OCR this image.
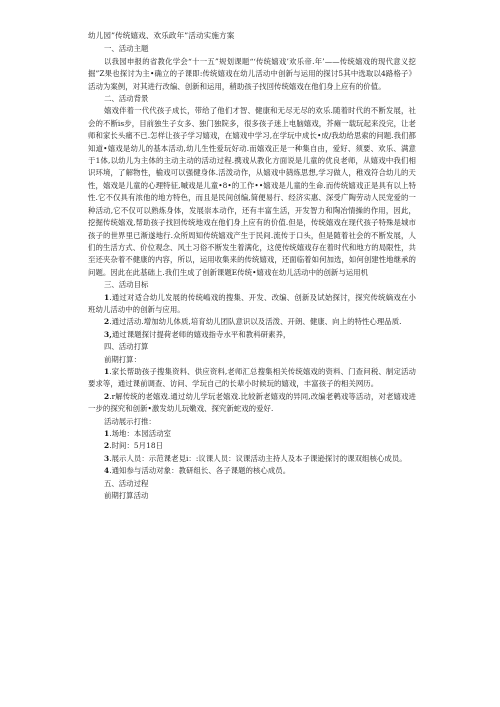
幼儿园”传统嬉戏、欢乐政年”活动实施方案

一、活动主题

以我园申报的省教化学会“十一五”规划课题“‘传统嬉戏’欢乐帝.年’——传统嬉戏的现代意义挖掘”Z果也探讨为主•确立的子课即:传统嬉戏在幼儿活动中创新与运用的探讨5其中选取以4路格子》活动为案例，对其进行改编、创新和运用，稍助孩子找回传统嬉戏在他们身上应有的价值。

二、活动背景

嬉戏伴着一代代孩子成长，带给了他们才智、健康和无尽无尽的欢乐.随着时代的不断发展，社会的不断is步，目前独生子女多、独门独院多，很多孩子迷上电脑嬉戏，芥瘫一载玩起来没完，让老师和家长头痛不已.怎样让孩子学习嬉戏，在嬉戏中学习,在学玩中成长•成/我幼给思索的问题.我们都知道•嬉戏是幼儿的基本活动,幼儿生性爱玩好动.而嬉戏正是一种集自由，爱好、须要、欢乐、满意于1体,以幼儿为主体的主动主动的活动过程.携戏从教化方面说是儿童的优良老师，从嬉戏中我们相识环境，了解物性，榆戏可以强健身体.活泼动作，从嬉戏中鸫炼思想,学习做人，稚戏符合幼儿的天性，嬉戏是儿童的心理特征,嘁戏是儿童•8•的工作••嬉戏是儿童的生命.而传统嬉戏正是具有以上特性.它不仅具有浓他的地方特色，而且是民间创编,简便易行、经济实惠、深受广陶劳动人民宠爱的一种活动,它不仅可以熟炼身体，发展崇本动作，还有丰富生活，开发智力和陶冶情操的作用，因此，挖掘传统嬉戏,帮助孩子找回传统地戏在他们身上应有的价值.但是，传统嬉戏在现代孩子特殊是城市孩子的世界里已渐遂地行.众所周知传统嬉戏产生于民间.流传于口头，但是随着社会的不断发展，人们的生活方式、价位观念、风土习俗不断发生着满化，这使传统嬉戏存在着时代和地方的局限性，共至还夹杂着不健康的内容，所以，运用收集来的传统嬉戏，还面临着如何加选，如何创建性地继承的问题。因此在此基础上.我们生成了创新课题E传统•嬉戏在幼儿活动中的创新与运用机

三、活动目标

1.通过对适合幼儿发展的传统嶋戏的搜集、开发、改编、创新及试始探讨，探究传统嫡戏在小班幼儿活动中的创新与应用。

2.通过活动.增加幼儿体质,培育幼儿团队意识以及活泼、开朗、健康、向上的特性心理品质.

3,通过课题探讨提荷老师的嬉戏指寺水平和教科研素养，

四、活动打算

前期打算：

1.家长帮助孩子搜集资料、供应资料,老师汇总搜集相关传统嬉戏的资料、门查问税、制定活动要求等，通过课前调查、访问、学玩自己的长辈小时候玩的嬉戏，丰富孩子的相关网历。

2.r解传统的老嬉戏.通过幼儿学玩老嬉戏.比较新老嬉戏的异同,改编老鹌戏等活动，对老嬉戏进一步的探究和创新•激发幼儿玩嫩戏、探究新蛇戏的爱好.

活动展示打推：

1.场地：本园活动室

2.时间：5月18日

3.展示人员：示范课老見i：:议课人员：议课活动主持人及本子课逊探讨的课双组核心成员。

4.通知参与活动对象：教研组长、各子课题的核心成员。

五、活动过程

前期打算活动
